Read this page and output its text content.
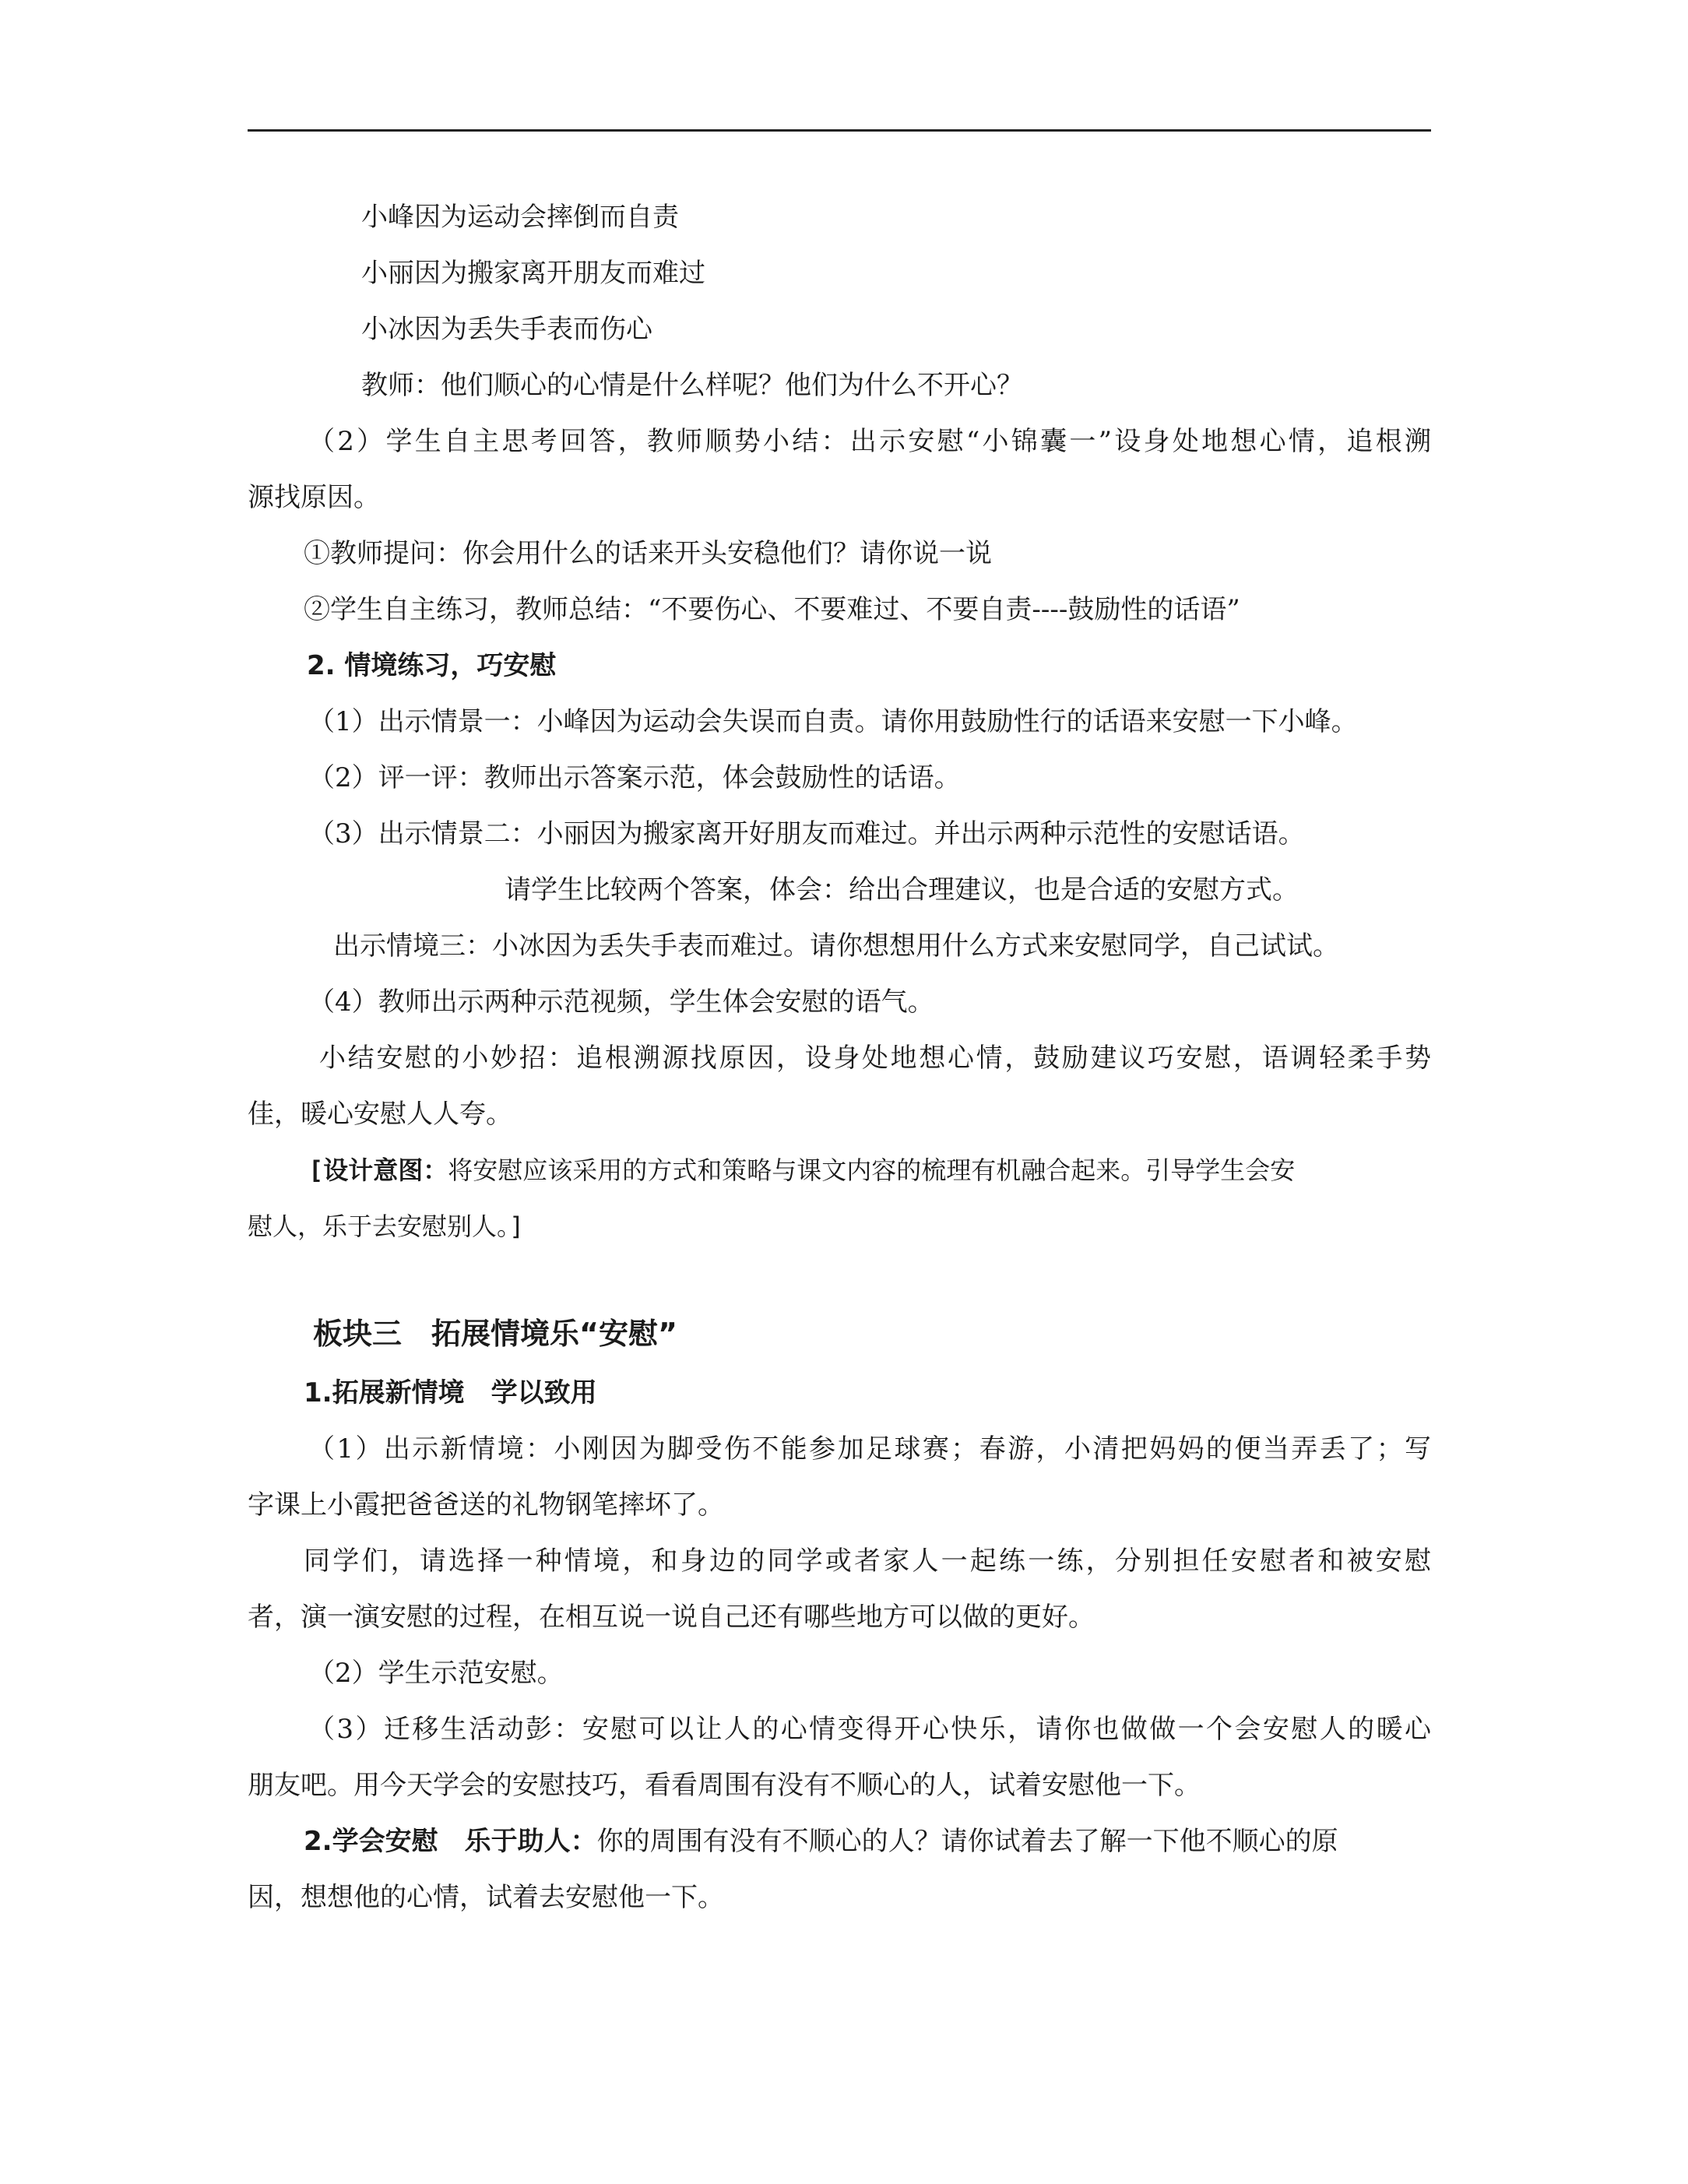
小峰因为运动会摔倒而自责
小丽因为搬家离开朋友而难过
小冰因为丢失手表而伤心
教师：他们顺心的心情是什么样呢？他们为什么不开心？
（2）学生自主思考回答，教师顺势小结：出示安慰“小锦囊一”设身处地想心情，追根溯
源找原因。
①教师提问：你会用什么的话来开头安稳他们？请你说一说
②学生自主练习，教师总结：“不要伤心、不要难过、不要自责----鼓励性的话语”
2. 情境练习，巧安慰
（1）出示情景一：小峰因为运动会失误而自责。请你用鼓励性行的话语来安慰一下小峰。
（2）评一评：教师出示答案示范，体会鼓励性的话语。
（3）出示情景二：小丽因为搬家离开好朋友而难过。并出示两种示范性的安慰话语。
请学生比较两个答案，体会：给出合理建议，也是合适的安慰方式。
出示情境三：小冰因为丢失手表而难过。请你想想用什么方式来安慰同学，自己试试。
（4）教师出示两种示范视频，学生体会安慰的语气。
小结安慰的小妙招：追根溯源找原因，设身处地想心情，鼓励建议巧安慰，语调轻柔手势
佳，暖心安慰人人夸。
[设计意图：将安慰应该采用的方式和策略与课文内容的梳理有机融合起来。引导学生会安
慰人，乐于去安慰别人。]
板块三　拓展情境乐“安慰”
1.拓展新情境　学以致用
（1）出示新情境：小刚因为脚受伤不能参加足球赛；春游，小清把妈妈的便当弄丢了；写
字课上小霞把爸爸送的礼物钢笔摔坏了。
同学们，请选择一种情境，和身边的同学或者家人一起练一练，分别担任安慰者和被安慰
者，演一演安慰的过程，在相互说一说自己还有哪些地方可以做的更好。
（2）学生示范安慰。
（3）迁移生活动彭：安慰可以让人的心情变得开心快乐，请你也做做一个会安慰人的暖心
朋友吧。用今天学会的安慰技巧，看看周围有没有不顺心的人，试着安慰他一下。
2.学会安慰　乐于助人：你的周围有没有不顺心的人？请你试着去了解一下他不顺心的原
因，想想他的心情，试着去安慰他一下。
